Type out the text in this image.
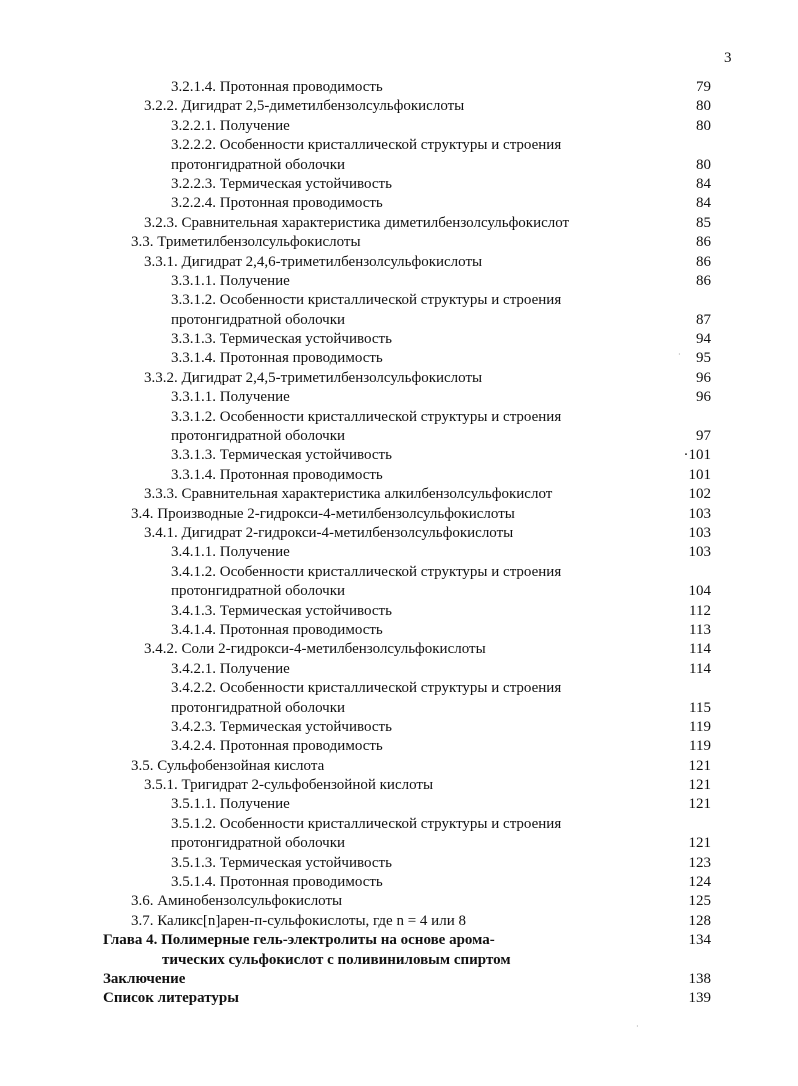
3
3.2.1.4. Протонная проводимость	79
3.2.2. Дигидрат 2,5-диметилбензолсульфокислоты	80
3.2.2.1. Получение	80
3.2.2.2. Особенности кристаллической структуры и строения
протонгидратной оболочки	80
3.2.2.3. Термическая устойчивость	84
3.2.2.4. Протонная проводимость	84
3.2.3. Сравнительная характеристика диметилбензолсульфокислот	85
3.3. Триметилбензолсульфокислоты	86
3.3.1. Дигидрат 2,4,6-триметилбензолсульфокислоты	86
3.3.1.1. Получение	86
3.3.1.2. Особенности кристаллической структуры и строения
протонгидратной оболочки	87
3.3.1.3. Термическая устойчивость	94
3.3.1.4. Протонная проводимость	95
3.3.2. Дигидрат 2,4,5-триметилбензолсульфокислоты	96
3.3.1.1. Получение	96
3.3.1.2. Особенности кристаллической структуры и строения
протонгидратной оболочки	97
3.3.1.3. Термическая устойчивость	·101
3.3.1.4. Протонная проводимость	101
3.3.3. Сравнительная характеристика алкилбензолсульфокислот	102
3.4. Производные 2-гидрокси-4-метилбензолсульфокислоты	103
3.4.1. Дигидрат 2-гидрокси-4-метилбензолсульфокислоты	103
3.4.1.1. Получение	103
3.4.1.2. Особенности кристаллической структуры и строения
протонгидратной оболочки	104
3.4.1.3. Термическая устойчивость	112
3.4.1.4. Протонная проводимость	113
3.4.2. Соли 2-гидрокси-4-метилбензолсульфокислоты	114
3.4.2.1. Получение	114
3.4.2.2. Особенности кристаллической структуры и строения
протонгидратной оболочки	115
3.4.2.3. Термическая устойчивость	119
3.4.2.4. Протонная проводимость	119
3.5. Сульфобензойная кислота	121
3.5.1. Тригидрат 2-сульфобензойной кислоты	121
3.5.1.1. Получение	121
3.5.1.2. Особенности кристаллической структуры и строения
протонгидратной оболочки	121
3.5.1.3. Термическая устойчивость	123
3.5.1.4. Протонная проводимость	124
3.6. Аминобензолсульфокислоты	125
3.7. Каликс[n]арен-п-сульфокислоты, где n = 4 или 8	128
Глава 4. Полимерные гель-электролиты на основе арома-	134
тических сульфокислот с поливиниловым спиртом
Заключение	138
Список литературы	139
·
·
